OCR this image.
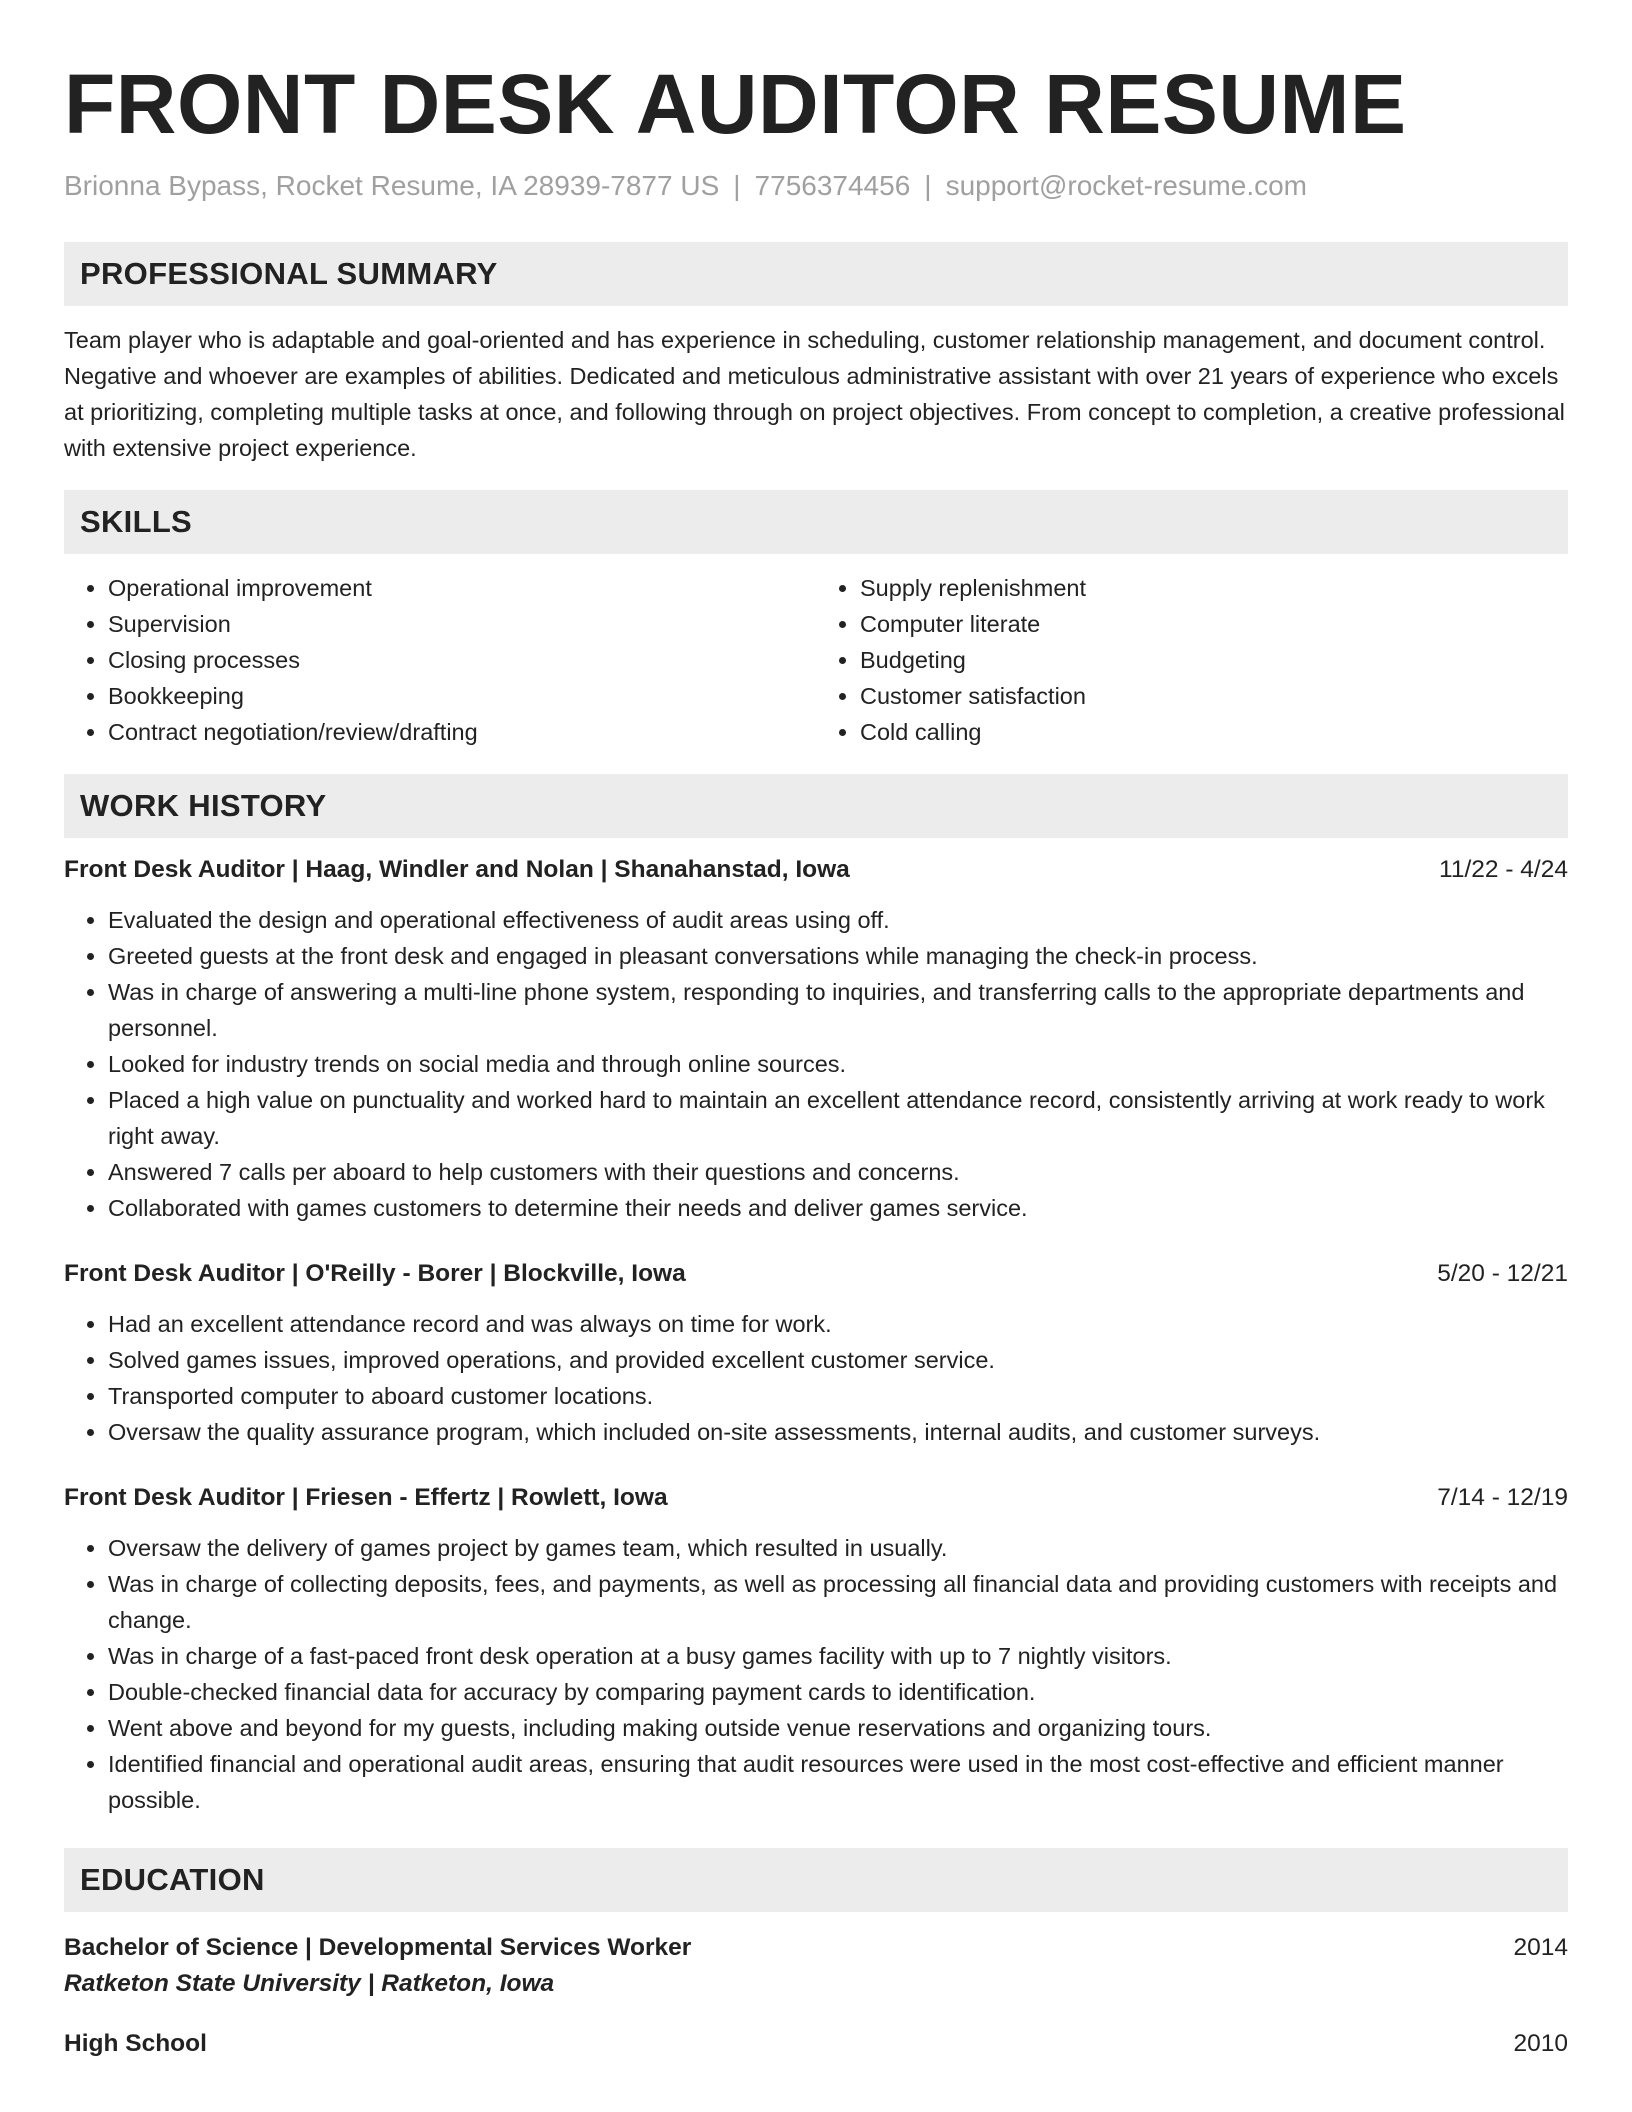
FRONT DESK AUDITOR RESUME
Brionna Bypass, Rocket Resume, IA 28939-7877 US | 7756374456 | support@rocket-resume.com
PROFESSIONAL SUMMARY

Team player who is adaptable and goal-oriented and has experience in scheduling, customer relationship management, and document control. Negative and whoever are examples of abilities. Dedicated and meticulous administrative assistant with over 21 years of experience who excels at prioritizing, completing multiple tasks at once, and following through on project objectives. From concept to completion, a creative professional with extensive project experience.

SKILLS
• Operational improvement
• Supervision
• Closing processes
• Bookkeeping
• Contract negotiation/review/drafting
• Supply replenishment
• Computer literate
• Budgeting
• Customer satisfaction
• Cold calling
WORK HISTORY
Front Desk Auditor | Haag, Windler and Nolan | Shanahanstad, Iowa	11/22 - 4/24
• Evaluated the design and operational effectiveness of audit areas using off.
• Greeted guests at the front desk and engaged in pleasant conversations while managing the check-in process.
• Was in charge of answering a multi-line phone system, responding to inquiries, and transferring calls to the appropriate departments and personnel.
• Looked for industry trends on social media and through online sources.
• Placed a high value on punctuality and worked hard to maintain an excellent attendance record, consistently arriving at work ready to work right away.
• Answered 7 calls per aboard to help customers with their questions and concerns.
• Collaborated with games customers to determine their needs and deliver games service.
Front Desk Auditor | O'Reilly - Borer | Blockville, Iowa	5/20 - 12/21
• Had an excellent attendance record and was always on time for work.
• Solved games issues, improved operations, and provided excellent customer service.
• Transported computer to aboard customer locations.
• Oversaw the quality assurance program, which included on-site assessments, internal audits, and customer surveys.
Front Desk Auditor | Friesen - Effertz | Rowlett, Iowa	7/14 - 12/19
• Oversaw the delivery of games project by games team, which resulted in usually.
• Was in charge of collecting deposits, fees, and payments, as well as processing all financial data and providing customers with receipts and change.
• Was in charge of a fast-paced front desk operation at a busy games facility with up to 7 nightly visitors.
• Double-checked financial data for accuracy by comparing payment cards to identification.
• Went above and beyond for my guests, including making outside venue reservations and organizing tours.
• Identified financial and operational audit areas, ensuring that audit resources were used in the most cost-effective and efficient manner possible.
EDUCATION
Bachelor of Science | Developmental Services Worker	2014
Ratketon State University | Ratketon, Iowa
High School	2010
